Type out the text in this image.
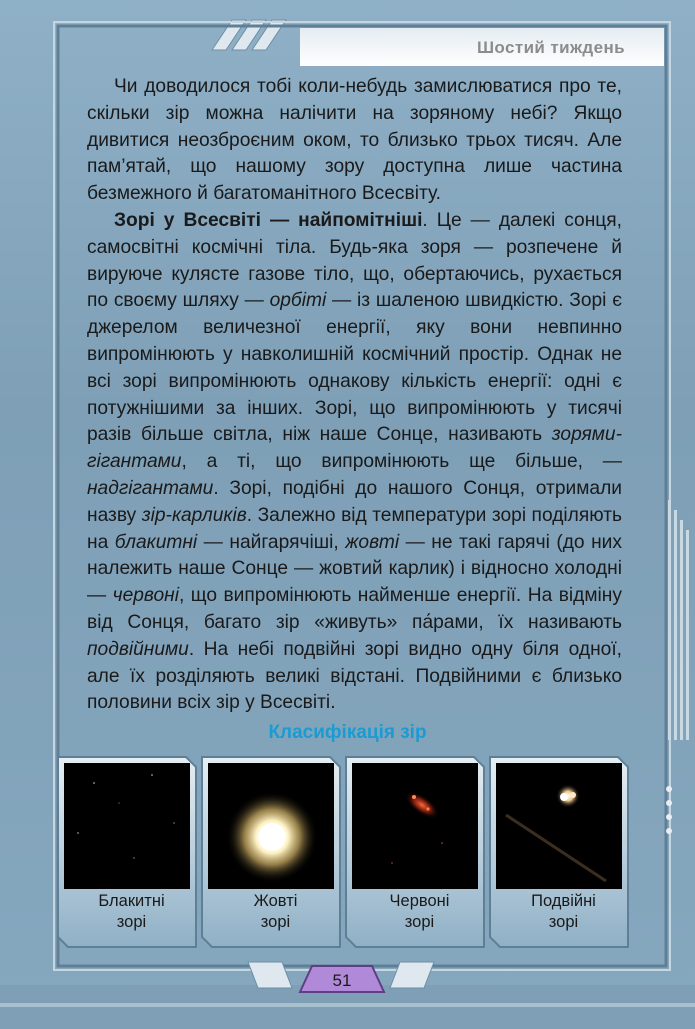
Шостий тиждень

Чи доводилося тобі коли-небудь замислюватися про те, скільки зір можна налічити на зоряному небі? Якщо дивитися неозброєним оком, то близько трьох тисяч. Але пам’ятай, що нашому зору доступна лише частина безмежного й багатоманітного Всесвіту.

Зорі у Всесвіті — найпомітніші. Це — далекі сонця, самосвітні космічні тіла. Будь-яка зоря — розпечене й вируюче кулясте газове тіло, що, обертаючись, рухається по своєму шляху — орбіті — із шаленою швидкістю. Зорі є джерелом величезної енергії, яку вони невпинно випромінюють у навколишній космічний простір. Однак не всі зорі випромінюють однакову кількість енергії: одні є потужнішими за інших. Зорі, що випромінюють у тисячі разів більше світла, ніж наше Сонце, називають зорями-гігантами, а ті, що випромінюють ще більше, — надгігантами. Зорі, подібні до нашого Сонця, отримали назву зір-карликів. Залежно від температури зорі поділяють на блакитні — найгарячіші, жовті — не такі гарячі (до них належить наше Сонце — жовтий карлик) і відносно холодні — червоні, що випромінюють найменше енергії. На відміну від Сонця, багато зір «живуть» па́рами, їх називають подвійними. На небі подвійні зорі видно одну біля одної, але їх розділяють великі відстані. Подвійними є близько половини всіх зір у Всесвіті.

Класифікація зір
Блакитні
зорі
Жовті
зорі
Червоні
зорі
Подвійні
зорі
51
